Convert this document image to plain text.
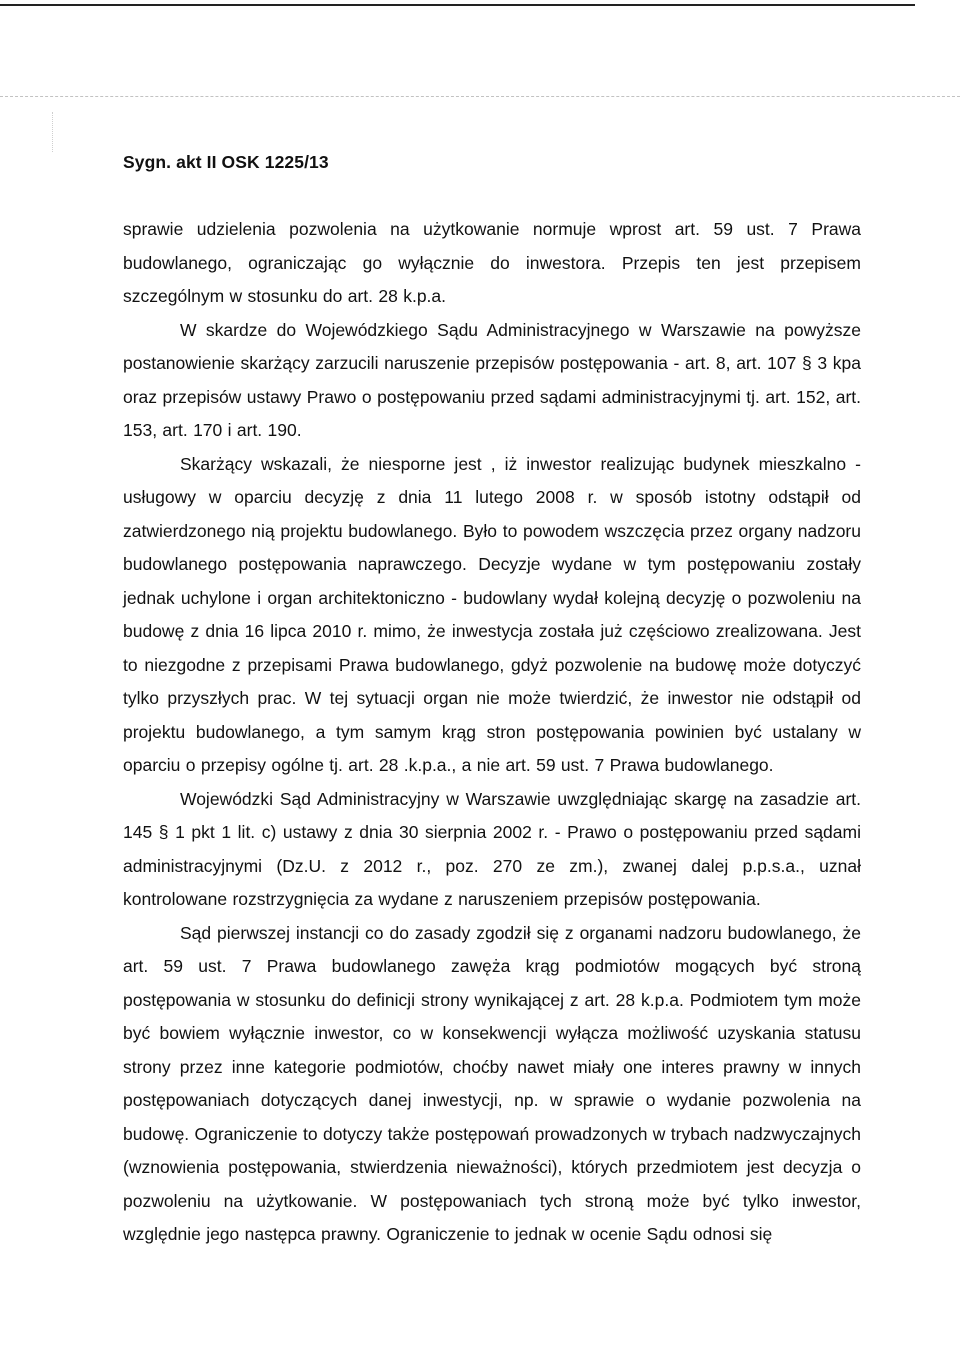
Sygn. akt II OSK 1225/13

sprawie udzielenia pozwolenia na użytkowanie normuje wprost art. 59 ust. 7 Prawa budowlanego, ograniczając go wyłącznie do inwestora. Przepis ten jest przepisem szczególnym w stosunku do art. 28 k.p.a.

W skardze do Wojewódzkiego Sądu Administracyjnego w Warszawie na powyższe postanowienie skarżący zarzucili naruszenie przepisów postępowania - art. 8, art. 107 § 3 kpa oraz przepisów ustawy Prawo o postępowaniu przed sądami administracyjnymi tj. art. 152, art. 153, art. 170 i art. 190.

Skarżący wskazali, że niesporne jest , iż inwestor realizując budynek mieszkalno - usługowy w oparciu decyzję z dnia 11 lutego 2008 r. w sposób istotny odstąpił od zatwierdzonego nią projektu budowlanego. Było to powodem wszczęcia przez organy nadzoru budowlanego postępowania naprawczego. Decyzje wydane w tym postępowaniu zostały jednak uchylone i organ architektoniczno - budowlany wydał kolejną decyzję o pozwoleniu na budowę z dnia 16 lipca 2010 r. mimo, że inwestycja została już częściowo zrealizowana. Jest to niezgodne z przepisami Prawa budowlanego, gdyż pozwolenie na budowę może dotyczyć tylko przyszłych prac. W tej sytuacji organ nie może twierdzić, że inwestor nie odstąpił od projektu budowlanego, a tym samym krąg stron postępowania powinien być ustalany w oparciu o przepisy ogólne tj. art. 28 .k.p.a., a nie art. 59 ust. 7 Prawa budowlanego.

Wojewódzki Sąd Administracyjny w Warszawie uwzględniając skargę na zasadzie art. 145 § 1 pkt 1 lit. c) ustawy z dnia 30 sierpnia 2002 r. - Prawo o postępowaniu przed sądami administracyjnymi (Dz.U. z 2012 r., poz. 270 ze zm.), zwanej dalej p.p.s.a., uznał kontrolowane rozstrzygnięcia za wydane z naruszeniem przepisów postępowania.

Sąd pierwszej instancji co do zasady zgodził się z organami nadzoru budowlanego, że art. 59 ust. 7 Prawa budowlanego zawęża krąg podmiotów mogących być stroną postępowania w stosunku do definicji strony wynikającej z art. 28 k.p.a. Podmiotem tym może być bowiem wyłącznie inwestor, co w konsekwencji wyłącza możliwość uzyskania statusu strony przez inne kategorie podmiotów, choćby nawet miały one interes prawny w innych postępowaniach dotyczących danej inwestycji, np. w sprawie o wydanie pozwolenia na budowę. Ograniczenie to dotyczy także postępowań prowadzonych w trybach nadzwyczajnych (wznowienia postępowania, stwierdzenia nieważności), których przedmiotem jest decyzja o pozwoleniu na użytkowanie. W postępowaniach tych stroną może być tylko inwestor, względnie jego następca prawny. Ograniczenie to jednak w ocenie Sądu odnosi się
